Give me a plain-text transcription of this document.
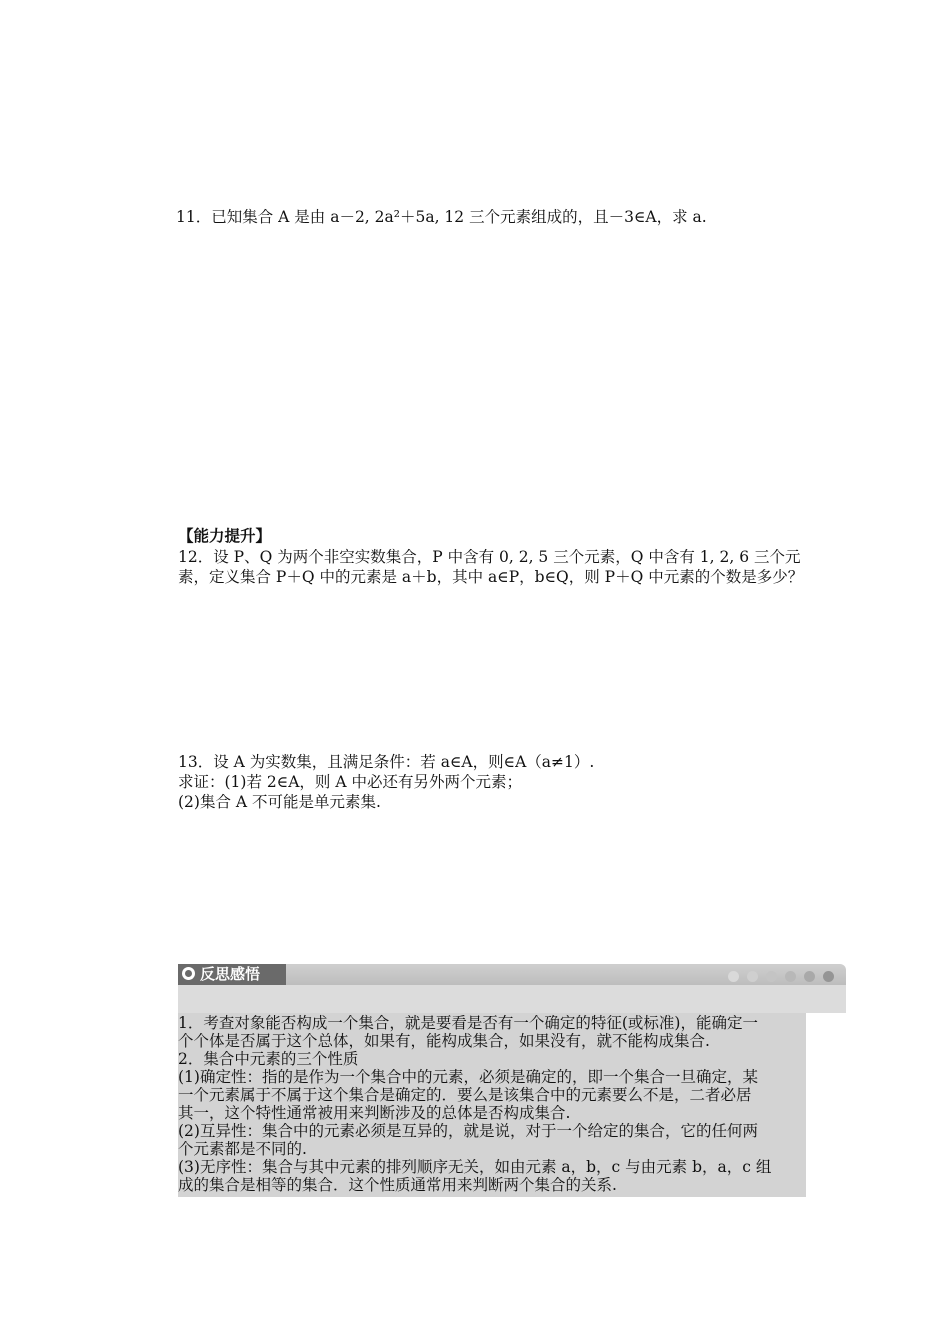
11．已知集合 A 是由 a－2, 2a²＋5a, 12 三个元素组成的，且－3∈A，求 a.
【能力提升】
12．设 P、Q 为两个非空实数集合，P 中含有 0, 2, 5 三个元素，Q 中含有 1, 2, 6 三个元
素，定义集合 P＋Q 中的元素是 a＋b，其中 a∈P，b∈Q，则 P＋Q 中元素的个数是多少？
13．设 A 为实数集，且满足条件：若 a∈A，则∈A（a≠1）.
求证：(1)若 2∈A，则 A 中必还有另外两个元素；
(2)集合 A 不可能是单元素集.
反思感悟
1．考查对象能否构成一个集合，就是要看是否有一个确定的特征(或标准)，能确定一
个个体是否属于这个总体，如果有，能构成集合，如果没有，就不能构成集合.
2．集合中元素的三个性质
(1)确定性：指的是作为一个集合中的元素，必须是确定的，即一个集合一旦确定，某
一个元素属于不属于这个集合是确定的．要么是该集合中的元素要么不是，二者必居
其一，这个特性通常被用来判断涉及的总体是否构成集合.
(2)互异性：集合中的元素必须是互异的，就是说，对于一个给定的集合，它的任何两
个元素都是不同的.
(3)无序性：集合与其中元素的排列顺序无关，如由元素 a，b，c 与由元素 b，a，c 组
成的集合是相等的集合．这个性质通常用来判断两个集合的关系.
